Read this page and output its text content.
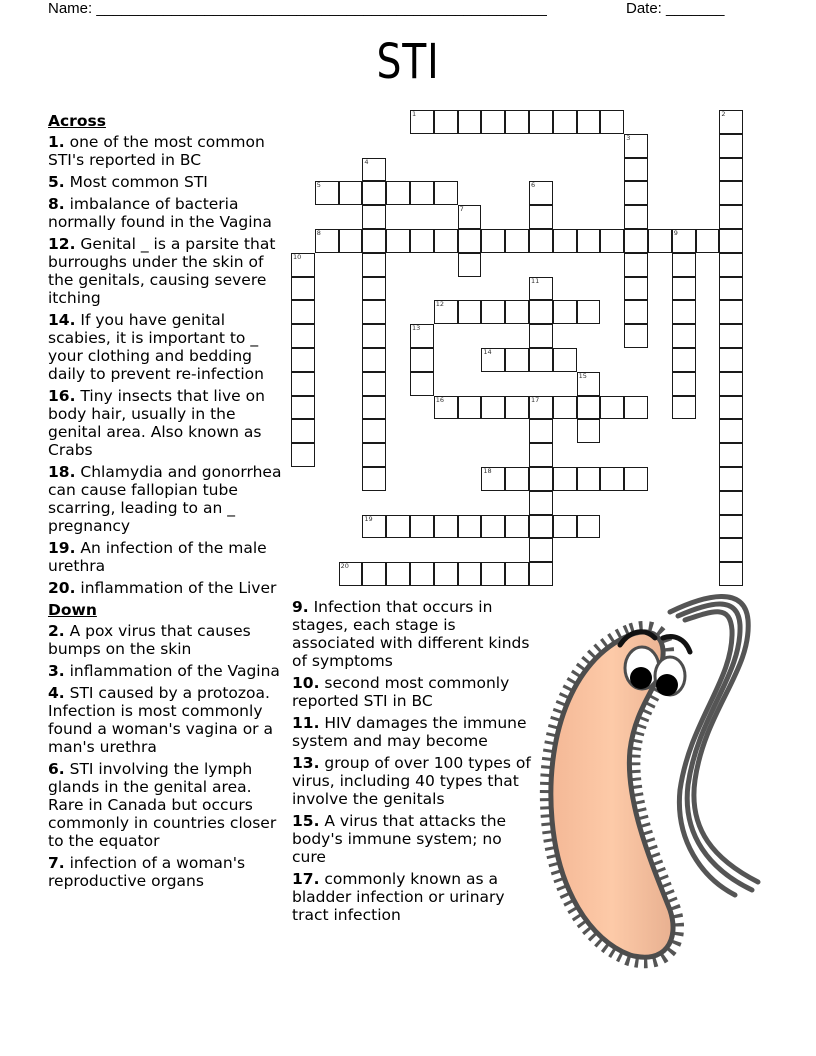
Name: ______________________________________________________	Date: _______
STI
Across
1. one of the most common STI's reported in BC
5. Most common STI
8. imbalance of bacteria normally found in the Vagina
12. Genital _ is a parsite that burroughs under the skin of the genitals, causing severe itching
14. If you have genital scabies, it is important to _ your clothing and bedding daily to prevent re-infection
16. Tiny insects that live on body hair, usually in the genital area. Also known as Crabs
18. Chlamydia and gonorrhea can cause fallopian tube scarring, leading to an _ pregnancy
19. An infection of the male urethra
20. inflammation of the Liver
Down
2. A pox virus that causes bumps on the skin
3. inflammation of the Vagina
4. STI caused by a protozoa. Infection is most commonly found a woman's vagina or a man's urethra
6. STI involving the lymph glands in the genital area. Rare in Canada but occurs commonly in countries closer to the equator
7. infection of a woman's reproductive organs
9. Infection that occurs in stages, each stage is associated with different kinds of symptoms
10. second most commonly reported STI in BC
11. HIV damages the immune system and may become
13. group of over 100 types of virus, including 40 types that involve the genitals
15. A virus that attacks the body's immune system; no cure
17. commonly known as a bladder infection or urinary tract infection
1	2
3
4
5	6
7
8	9
10
11
12
13
14
15
16	17
18
19
20
